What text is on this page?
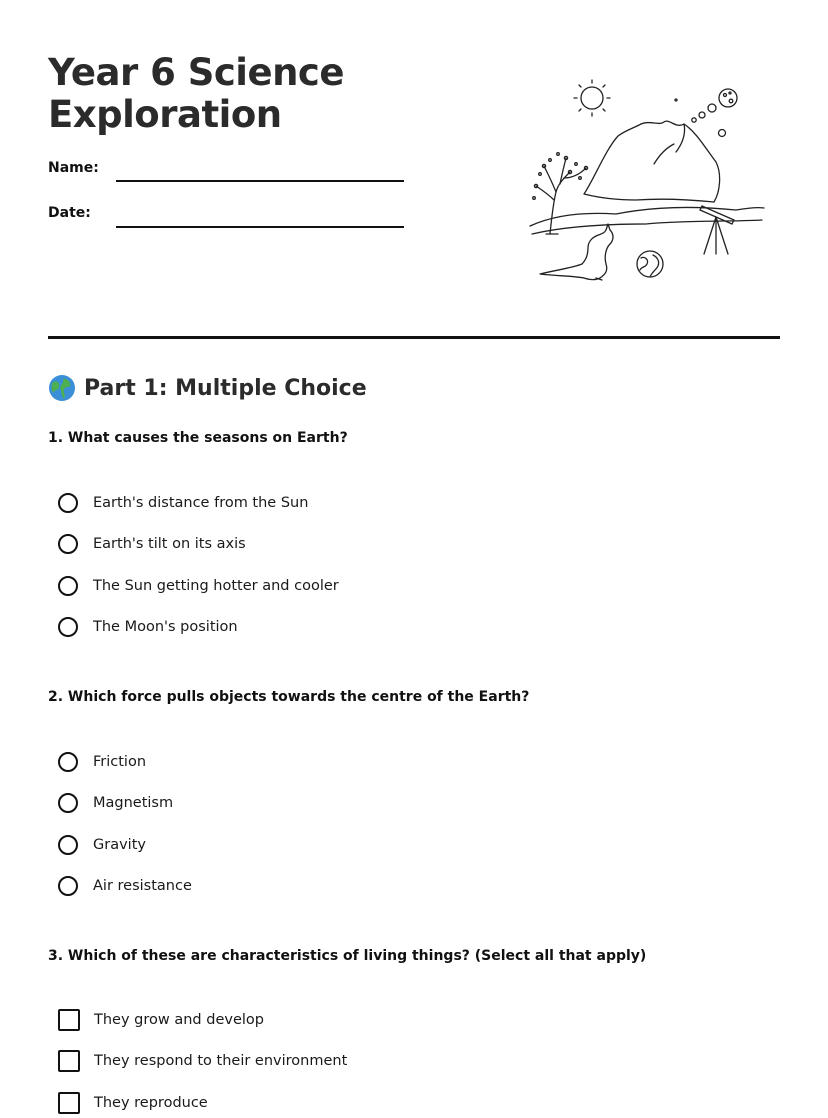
Year 6 Science
Exploration
Name:
Date:
Part 1: Multiple Choice

1. What causes the seasons on Earth?

Earth's distance from the Sun
Earth's tilt on its axis
The Sun getting hotter and cooler
The Moon's position

2. Which force pulls objects towards the centre of the Earth?

Friction
Magnetism
Gravity
Air resistance

3. Which of these are characteristics of living things? (Select all that apply)

They grow and develop
They respond to their environment
They reproduce
